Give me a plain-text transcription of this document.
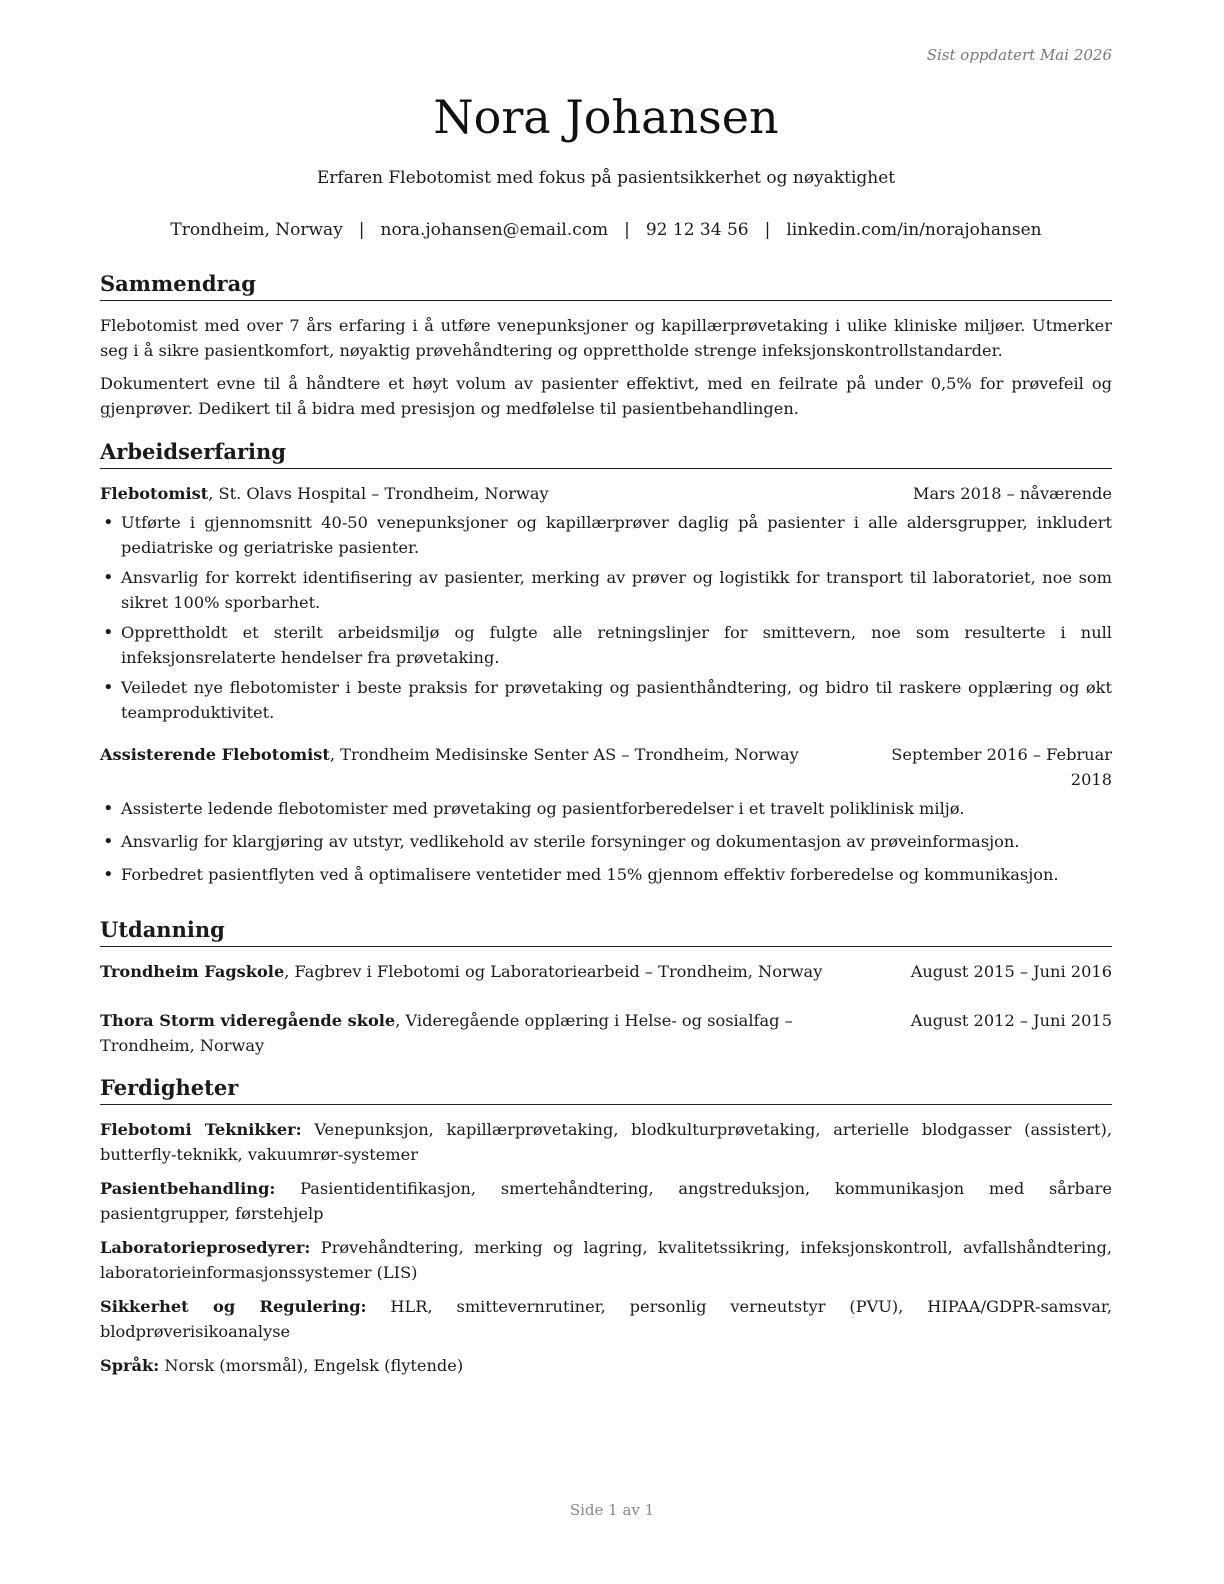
Sist oppdatert Mai 2026
Nora Johansen
Erfaren Flebotomist med fokus på pasientsikkerhet og nøyaktighet
Trondheim, Norway | nora.johansen@email.com | 92 12 34 56 | linkedin.com/in/norajohansen
Sammendrag

Flebotomist med over 7 års erfaring i å utføre venepunksjoner og kapillærprøvetaking i ulike kliniske miljøer. Utmerker seg i å sikre pasientkomfort, nøyaktig prøvehåndtering og opprettholde strenge infeksjonskontrollstandarder.

Dokumentert evne til å håndtere et høyt volum av pasienter effektivt, med en feilrate på under 0,5% for prøvefeil og gjenprøver. Dedikert til å bidra med presisjon og medfølelse til pasientbehandlingen.

Arbeidserfaring
Flebotomist, St. Olavs Hospital – Trondheim, Norway	Mars 2018 – nåværende
• Utførte i gjennomsnitt 40-50 venepunksjoner og kapillærprøver daglig på pasienter i alle aldersgrupper, inkludert pediatriske og geriatriske pasienter.
• Ansvarlig for korrekt identifisering av pasienter, merking av prøver og logistikk for transport til laboratoriet, noe som sikret 100% sporbarhet.
• Opprettholdt et sterilt arbeidsmiljø og fulgte alle retningslinjer for smittevern, noe som resulterte i null infeksjonsrelaterte hendelser fra prøvetaking.
• Veiledet nye flebotomister i beste praksis for prøvetaking og pasienthåndtering, og bidro til raskere opplæring og økt teamproduktivitet.
Assisterende Flebotomist, Trondheim Medisinske Senter AS – Trondheim, Norway	September 2016 – Februar 2018
• Assisterte ledende flebotomister med prøvetaking og pasientforberedelser i et travelt poliklinisk miljø.
• Ansvarlig for klargjøring av utstyr, vedlikehold av sterile forsyninger og dokumentasjon av prøveinformasjon.
• Forbedret pasientflyten ved å optimalisere ventetider med 15% gjennom effektiv forberedelse og kommunikasjon.
Utdanning
Trondheim Fagskole, Fagbrev i Flebotomi og Laboratoriearbeid – Trondheim, Norway	August 2015 – Juni 2016
Thora Storm videregående skole, Videregående opplæring i Helse- og sosialfag – Trondheim, Norway
August 2012 – Juni 2015
Ferdigheter
Flebotomi Teknikker: Venepunksjon, kapillærprøvetaking, blodkulturprøvetaking, arterielle blodgasser (assistert), butterfly-teknikk, vakuumrør-systemer
Pasientbehandling: Pasientidentifikasjon, smertehåndtering, angstreduksjon, kommunikasjon med sårbare pasientgrupper, førstehjelp
Laboratorieprosedyrer: Prøvehåndtering, merking og lagring, kvalitetssikring, infeksjonskontroll, avfallshåndtering, laboratorieinformasjonssystemer (LIS)
Sikkerhet og Regulering: HLR, smittevernrutiner, personlig verneutstyr (PVU), HIPAA/GDPR-samsvar, blodprøverisikoanalyse
Språk: Norsk (morsmål), Engelsk (flytende)
Side 1 av 1
